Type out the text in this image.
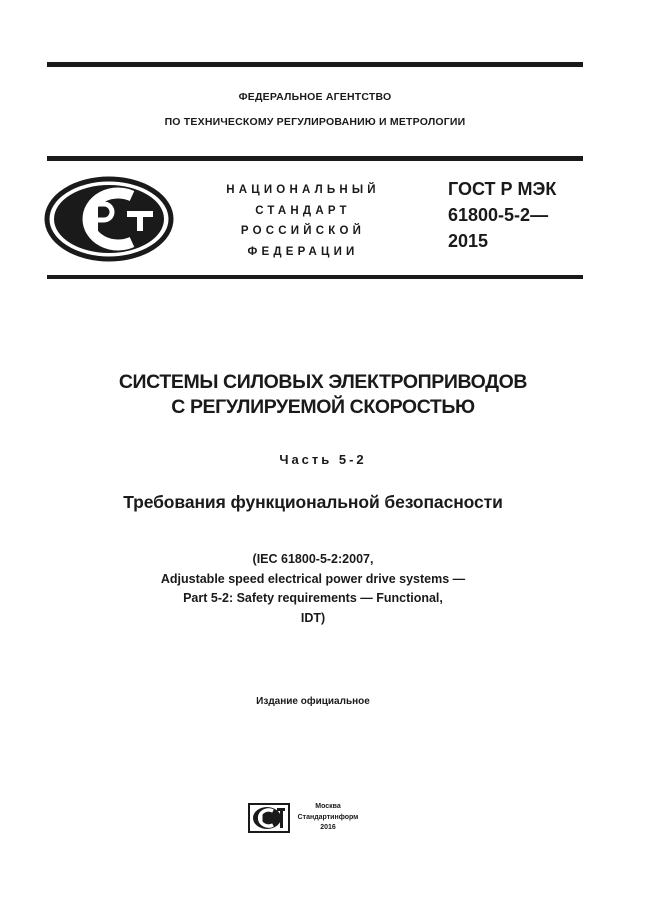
ФЕДЕРАЛЬНОЕ АГЕНТСТВО
ПО ТЕХНИЧЕСКОМУ РЕГУЛИРОВАНИЮ И МЕТРОЛОГИИ
НАЦИОНАЛЬНЫЙ
СТАНДАРТ
РОССИЙСКОЙ
ФЕДЕРАЦИИ
ГОСТ Р МЭК
61800-5-2—
2015
СИСТЕМЫ СИЛОВЫХ ЭЛЕКТРОПРИВОДОВ
С РЕГУЛИРУЕМОЙ СКОРОСТЬЮ
Часть 5-2
Требования функциональной безопасности
(IEC 61800-5-2:2007,
Adjustable speed electrical power drive systems —
Part 5-2: Safety requirements — Functional,
IDT)
Издание официальное
Москва
Стандартинформ
2016
